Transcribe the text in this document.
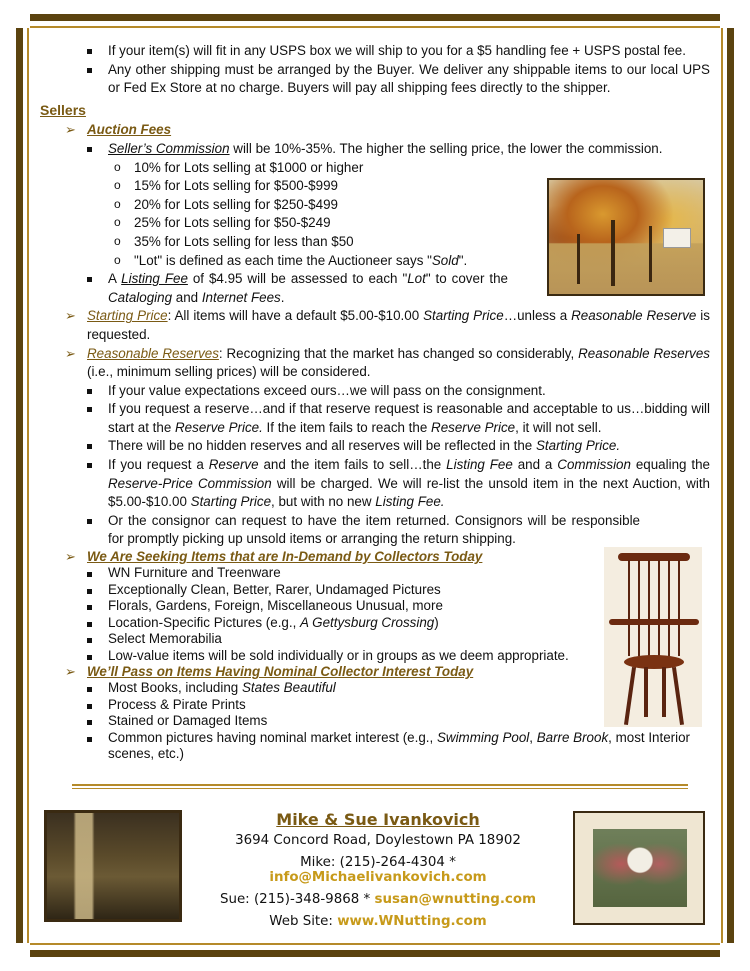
If your item(s) will fit in any USPS box we will ship to you for a $5 handling fee + USPS postal fee.
Any other shipping must be arranged by the Buyer. We deliver any shippable items to our local UPS or Fed Ex Store at no charge. Buyers will pay all shipping fees directly to the shipper.
Sellers
➢ Auction Fees
Seller’s Commission will be 10%-35%. The higher the selling price, the lower the commission.
o 10% for Lots selling at $1000 or higher
o 15% for Lots selling for $500-$999
o 20% for Lots selling for $250-$499
o 25% for Lots selling for $50-$249
o 35% for Lots selling for less than $50
o "Lot" is defined as each time the Auctioneer says "Sold".
A Listing Fee of $4.95 will be assessed to each "Lot" to cover the Cataloging and Internet Fees.
➢ Starting Price: All items will have a default $5.00-$10.00 Starting Price…unless a Reasonable Reserve is requested.
➢ Reasonable Reserves: Recognizing that the market has changed so considerably, Reasonable Reserves (i.e., minimum selling prices) will be considered.
If your value expectations exceed ours…we will pass on the consignment.
If you request a reserve…and if that reserve request is reasonable and acceptable to us…bidding will start at the Reserve Price. If the item fails to reach the Reserve Price, it will not sell.
There will be no hidden reserves and all reserves will be reflected in the Starting Price.
If you request a Reserve and the item fails to sell…the Listing Fee and a Commission equaling the Reserve-Price Commission will be charged. We will re-list the unsold item in the next Auction, with $5.00-$10.00 Starting Price, but with no new Listing Fee.
Or the consignor can request to have the item returned. Consignors will be responsible for promptly picking up unsold items or arranging the return shipping.
➢ We Are Seeking Items that are In-Demand by Collectors Today
WN Furniture and Treenware
Exceptionally Clean, Better, Rarer, Undamaged Pictures
Florals, Gardens, Foreign, Miscellaneous Unusual, more
Location-Specific Pictures (e.g., A Gettysburg Crossing)
Select Memorabilia
Low-value items will be sold individually or in groups as we deem appropriate.
➢ We’ll Pass on Items Having Nominal Collector Interest Today
Most Books, including States Beautiful
Process & Pirate Prints
Stained or Damaged Items
Common pictures having nominal market interest (e.g., Swimming Pool, Barre Brook, most Interior scenes, etc.)
Mike & Sue Ivankovich
3694 Concord Road, Doylestown PA 18902
Mike: (215)-264-4304 * info@Michaelivankovich.com
Sue: (215)-348-9868 * susan@wnutting.com
Web Site: www.WNutting.com
